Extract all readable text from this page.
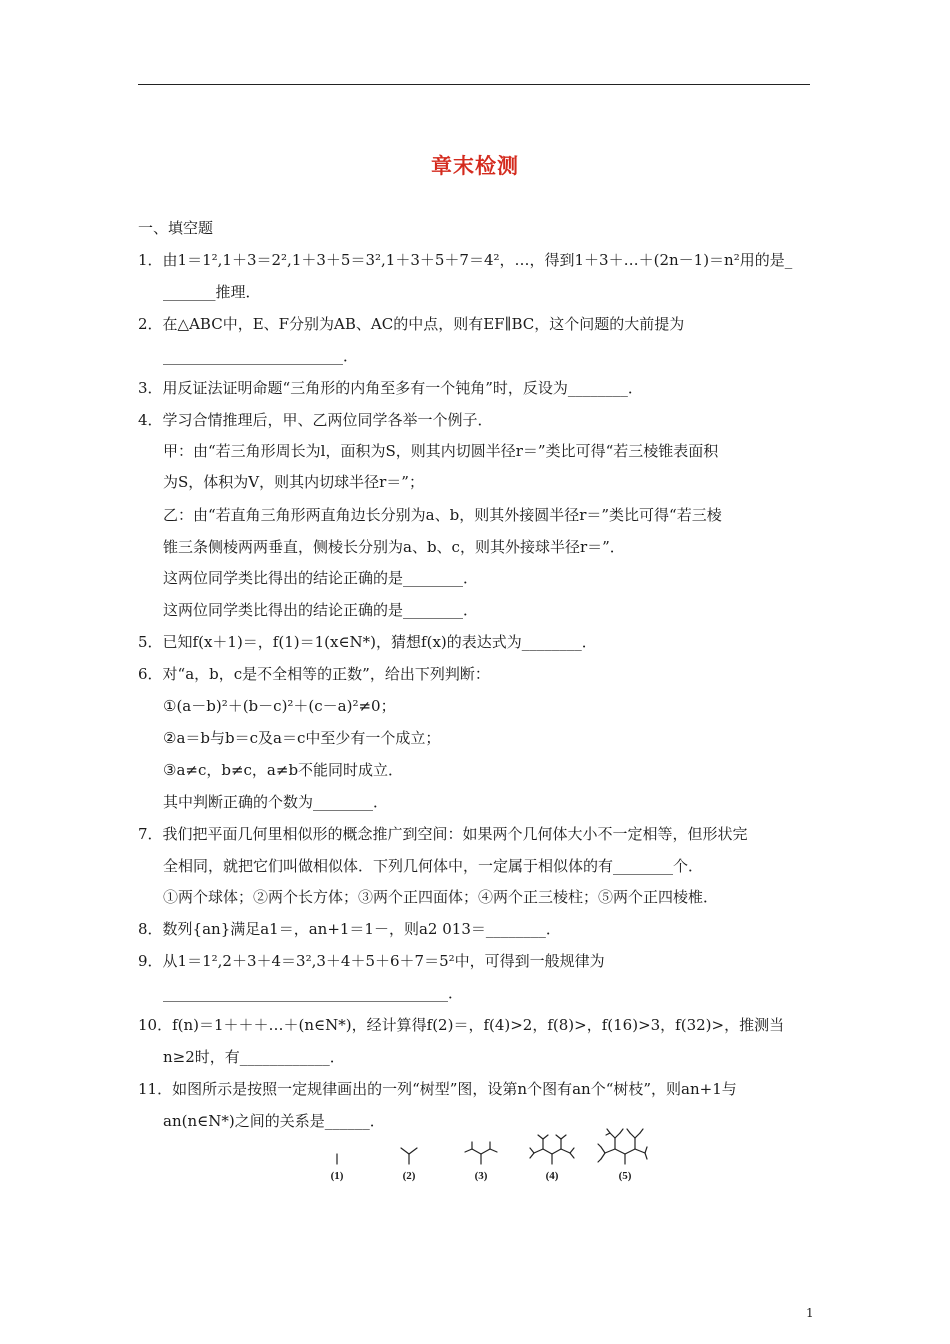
章末检测
一、填空题
1．由1＝1²,1＋3＝2²,1＋3＋5＝3²,1＋3＋5＋7＝4²，…，得到1＋3＋…＋(2n－1)＝n²用的是_
_______推理．
2．在△ABC中，E、F分别为AB、AC的中点，则有EF∥BC，这个问题的大前提为
________________________．
3．用反证法证明命题“三角形的内角至多有一个钝角”时，反设为________．
4．学习合情推理后，甲、乙两位同学各举一个例子．
甲：由“若三角形周长为l，面积为S，则其内切圆半径r＝”类比可得“若三棱锥表面积
为S，体积为V，则其内切球半径r＝”；
乙：由“若直角三角形两直角边长分别为a、b，则其外接圆半径r＝”类比可得“若三棱
锥三条侧棱两两垂直，侧棱长分别为a、b、c，则其外接球半径r＝”．
这两位同学类比得出的结论正确的是________．
这两位同学类比得出的结论正确的是________．
5．已知f(x＋1)＝，f(1)＝1(x∈N*)，猜想f(x)的表达式为________．
6．对“a，b，c是不全相等的正数”，给出下列判断：
①(a－b)²＋(b－c)²＋(c－a)²≠0；
②a＝b与b＝c及a＝c中至少有一个成立；
③a≠c，b≠c，a≠b不能同时成立．
其中判断正确的个数为________．
7．我们把平面几何里相似形的概念推广到空间：如果两个几何体大小不一定相等，但形状完
全相同，就把它们叫做相似体．下列几何体中，一定属于相似体的有________个．
①两个球体；②两个长方体；③两个正四面体；④两个正三棱柱；⑤两个正四棱椎．
8．数列{an}满足a1＝，an+1＝1－，则a2 013＝________．
9．从1＝1²,2＋3＋4＝3²,3＋4＋5＋6＋7＝5²中，可得到一般规律为
______________________________________．
10．f(n)＝1＋＋＋…＋(n∈N*)，经计算得f(2)＝，f(4)>2，f(8)>，f(16)>3，f(32)>，推测当
n≥2时，有____________．
11．如图所示是按照一定规律画出的一列“树型”图，设第n个图有an个“树枝”，则an+1与
an(n∈N*)之间的关系是______．
(1)	(2)	(3)	(4)	(5)
1
